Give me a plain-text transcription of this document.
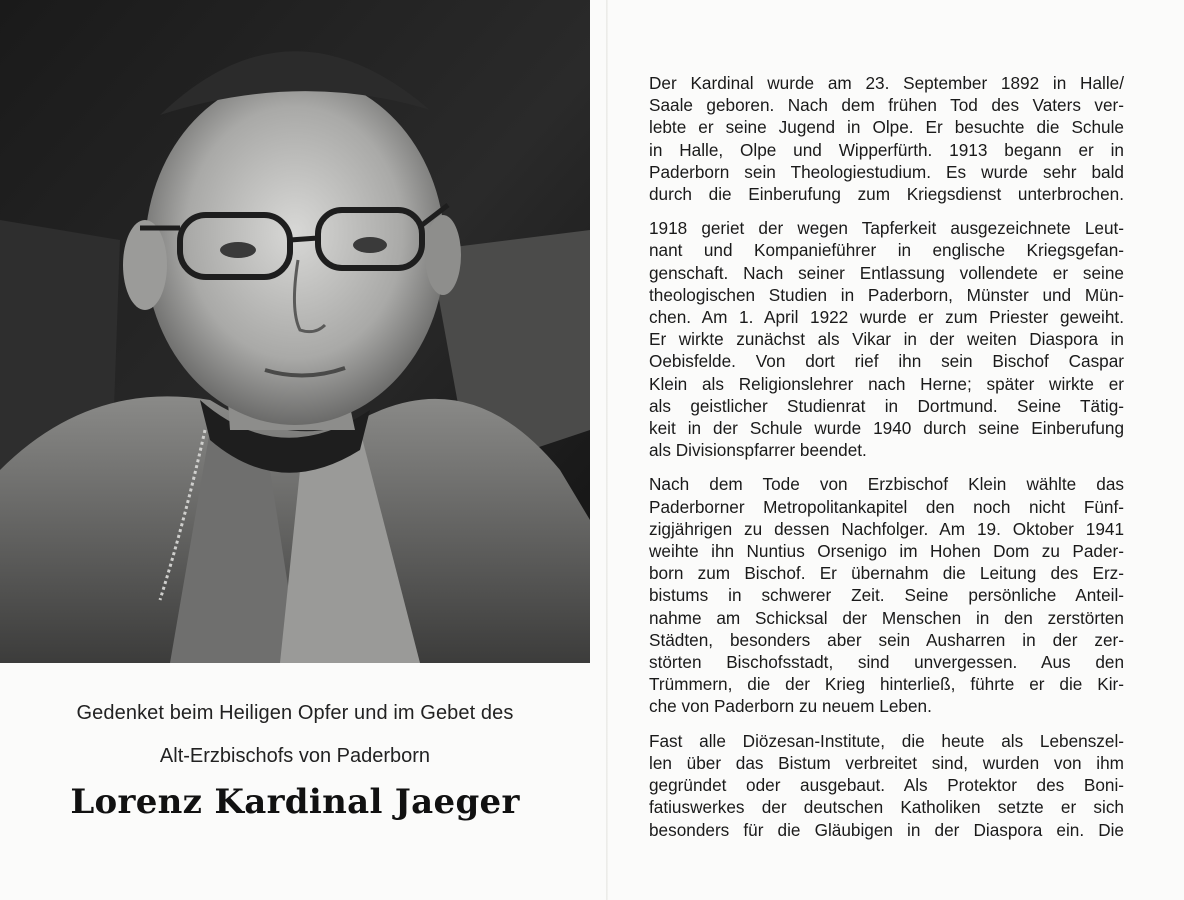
Gedenket beim Heiligen Opfer und im Gebet des
Alt-Erzbischofs von Paderborn
Lorenz Kardinal Jaeger
Der Kardinal wurde am 23. September 1892 in Halle/
Saale geboren. Nach dem frühen Tod des Vaters ver-
lebte er seine Jugend in Olpe. Er besuchte die Schule
in Halle, Olpe und Wipperfürth. 1913 begann er in
Paderborn sein Theologiestudium. Es wurde sehr bald
durch die Einberufung zum Kriegsdienst unterbrochen.
1918 geriet der wegen Tapferkeit ausgezeichnete Leut-
nant und Kompanieführer in englische Kriegsgefan-
genschaft. Nach seiner Entlassung vollendete er seine
theologischen Studien in Paderborn, Münster und Mün-
chen. Am 1. April 1922 wurde er zum Priester geweiht.
Er wirkte zunächst als Vikar in der weiten Diaspora in
Oebisfelde. Von dort rief ihn sein Bischof Caspar
Klein als Religionslehrer nach Herne; später wirkte er
als geistlicher Studienrat in Dortmund. Seine Tätig-
keit in der Schule wurde 1940 durch seine Einberufung
als Divisionspfarrer beendet.
Nach dem Tode von Erzbischof Klein wählte das
Paderborner Metropolitankapitel den noch nicht Fünf-
zigjährigen zu dessen Nachfolger. Am 19. Oktober 1941
weihte ihn Nuntius Orsenigo im Hohen Dom zu Pader-
born zum Bischof. Er übernahm die Leitung des Erz-
bistums in schwerer Zeit. Seine persönliche Anteil-
nahme am Schicksal der Menschen in den zerstörten
Städten, besonders aber sein Ausharren in der zer-
störten Bischofsstadt, sind unvergessen. Aus den
Trümmern, die der Krieg hinterließ, führte er die Kir-
che von Paderborn zu neuem Leben.
Fast alle Diözesan-Institute, die heute als Lebenszel-
len über das Bistum verbreitet sind, wurden von ihm
gegründet oder ausgebaut. Als Protektor des Boni-
fatiuswerkes der deutschen Katholiken setzte er sich
besonders für die Gläubigen in der Diaspora ein. Die
